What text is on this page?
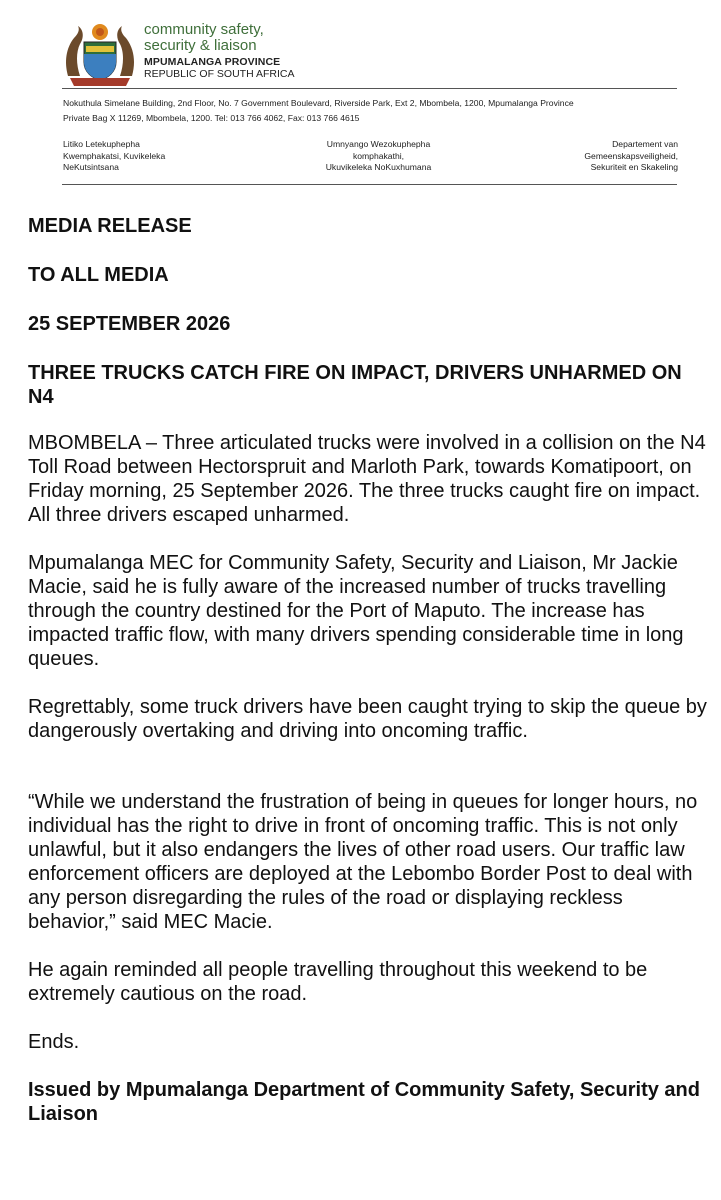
community safety,
security & liaison
MPUMALANGA PROVINCE
REPUBLIC OF SOUTH AFRICA
Nokuthula Simelane Building, 2nd Floor, No. 7 Government Boulevard, Riverside Park, Ext 2, Mbombela, 1200, Mpumalanga Province
Private Bag X 11269, Mbombela, 1200. Tel: 013 766 4062, Fax: 013 766 4615
Litiko Letekuphepha
Kwemphakatsi, Kuvikeleka
NeKutsintsana
Umnyango Wezokuphepha
komphakathi,
Ukuvikeleka NoKuxhumana
Departement van
Gemeenskapsveiligheid,
Sekuriteit en Skakeling
MEDIA RELEASE
TO ALL MEDIA
25 SEPTEMBER 2026
THREE TRUCKS CATCH FIRE ON IMPACT, DRIVERS UNHARMED ON N4

MBOMBELA – Three articulated trucks were involved in a collision on the N4 Toll Road between Hectorspruit and Marloth Park, towards Komatipoort, on Friday morning, 25 September 2026. The three trucks caught fire on impact. All three drivers escaped unharmed.

Mpumalanga MEC for Community Safety, Security and Liaison, Mr Jackie Macie, said he is fully aware of the increased number of trucks travelling through the country destined for the Port of Maputo. The increase has impacted traffic flow, with many drivers spending considerable time in long queues.

Regrettably, some truck drivers have been caught trying to skip the queue by dangerously overtaking and driving into oncoming traffic.

“While we understand the frustration of being in queues for longer hours, no individual has the right to drive in front of oncoming traffic. This is not only unlawful, but it also endangers the lives of other road users. Our traffic law enforcement officers are deployed at the Lebombo Border Post to deal with any person disregarding the rules of the road or displaying reckless behavior,” said MEC Macie.

He again reminded all people travelling throughout this weekend to be extremely cautious on the road.

Ends.

Issued by Mpumalanga Department of Community Safety, Security and Liaison
